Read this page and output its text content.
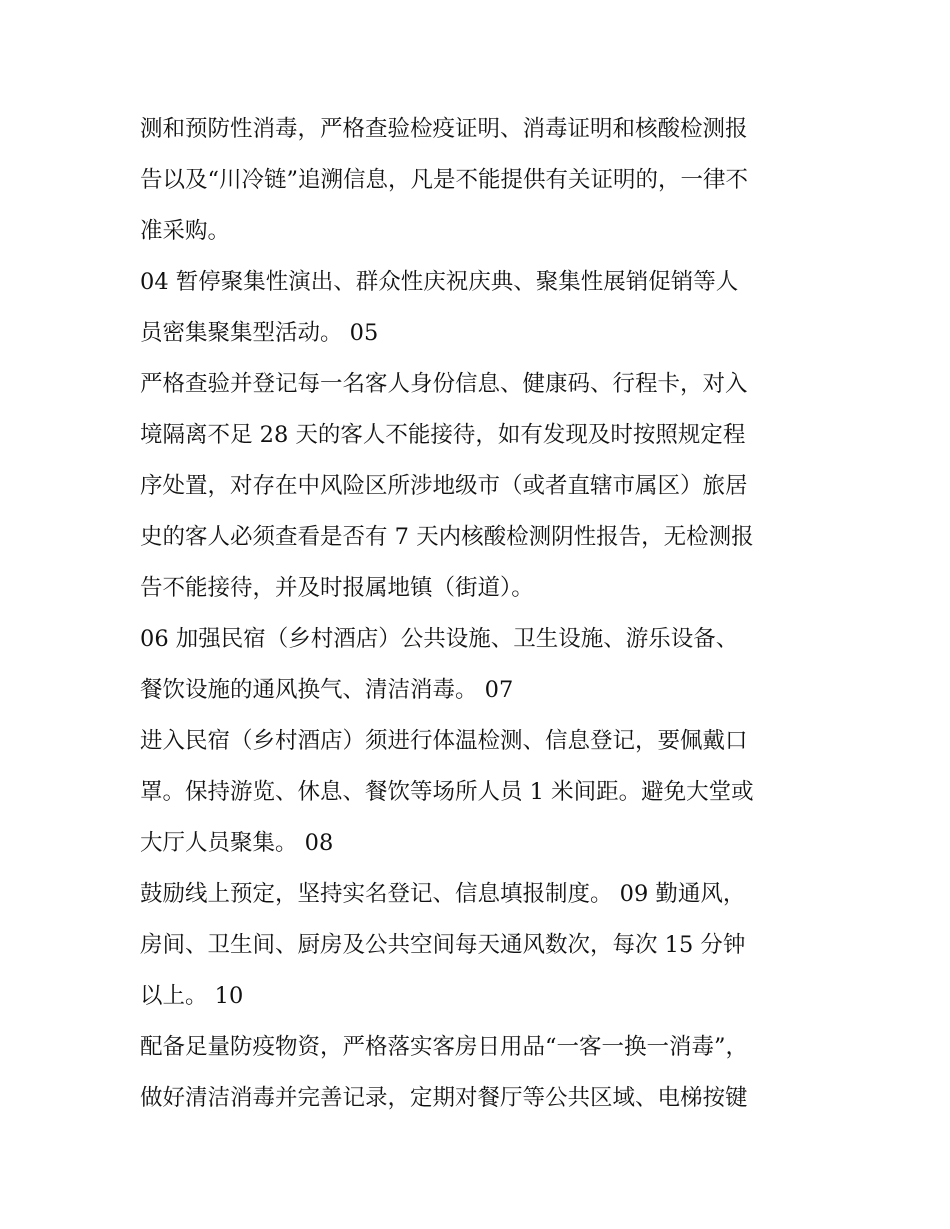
测和预防性消毒，严格查验检疫证明、消毒证明和核酸检测报
告以及“川冷链”追溯信息，凡是不能提供有关证明的，一律不
准采购。
04 暂停聚集性演出、群众性庆祝庆典、聚集性展销促销等人
员密集聚集型活动。 05
严格查验并登记每一名客人身份信息、健康码、行程卡，对入
境隔离不足 28 天的客人不能接待，如有发现及时按照规定程
序处置，对存在中风险区所涉地级市（或者直辖市属区）旅居
史的客人必须查看是否有 7 天内核酸检测阴性报告，无检测报
告不能接待，并及时报属地镇（街道）。
06 加强民宿（乡村酒店）公共设施、卫生设施、游乐设备、
餐饮设施的通风换气、清洁消毒。 07
进入民宿（乡村酒店）须进行体温检测、信息登记，要佩戴口
罩。保持游览、休息、餐饮等场所人员 1 米间距。避免大堂或
大厅人员聚集。 08
鼓励线上预定，坚持实名登记、信息填报制度。 09 勤通风，
房间、卫生间、厨房及公共空间每天通风数次，每次 15 分钟
以上。 10
配备足量防疫物资，严格落实客房日用品“一客一换一消毒”，
做好清洁消毒并完善记录，定期对餐厅等公共区域、电梯按键
